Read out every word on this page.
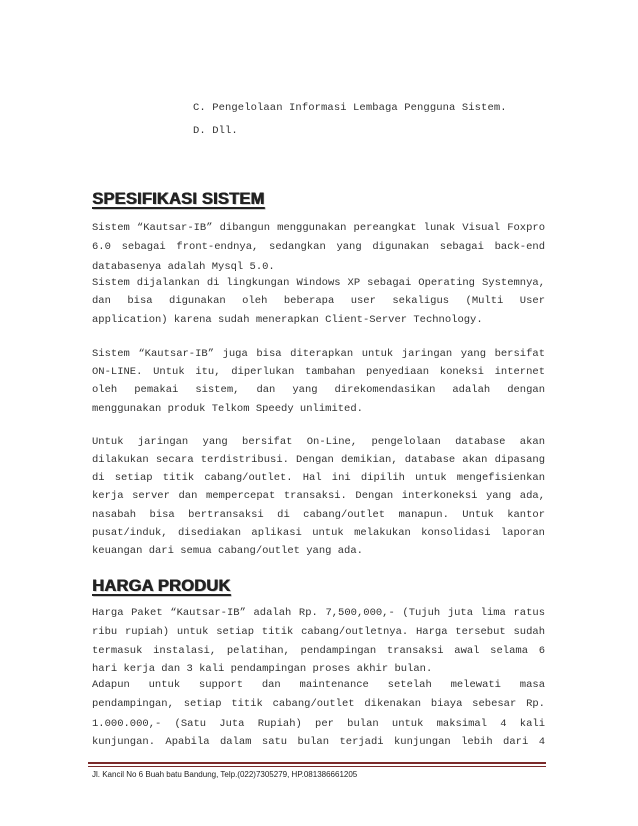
C. Pengelolaan Informasi Lembaga Pengguna Sistem.
D. Dll.
SPESIFIKASI SISTEM
Sistem “Kautsar-IB” dibangun menggunakan pereangkat lunak Visual Foxpro
6.0 sebagai front-endnya, sedangkan yang digunakan sebagai back-end
databasenya adalah Mysql 5.0.
Sistem dijalankan di lingkungan Windows XP sebagai Operating Systemnya,
dan bisa digunakan oleh beberapa user sekaligus (Multi User
application) karena sudah menerapkan Client-Server Technology.
Sistem “Kautsar-IB” juga bisa diterapkan untuk jaringan yang bersifat
ON-LINE. Untuk itu, diperlukan tambahan penyediaan koneksi internet
oleh pemakai sistem, dan yang direkomendasikan adalah dengan
menggunakan produk Telkom Speedy unlimited.
Untuk jaringan yang bersifat On-Line, pengelolaan database akan
dilakukan secara terdistribusi. Dengan demikian, database akan dipasang
di setiap titik cabang/outlet. Hal ini dipilih untuk mengefisienkan
kerja server dan mempercepat transaksi. Dengan interkoneksi yang ada,
nasabah bisa bertransaksi di cabang/outlet manapun. Untuk kantor
pusat/induk, disediakan aplikasi untuk melakukan konsolidasi laporan
keuangan dari semua cabang/outlet yang ada.
HARGA PRODUK
Harga Paket “Kautsar-IB” adalah Rp. 7,500,000,- (Tujuh juta lima ratus
ribu rupiah) untuk setiap titik cabang/outletnya. Harga tersebut sudah
termasuk instalasi, pelatihan, pendampingan transaksi awal selama 6
hari kerja dan 3 kali pendampingan proses akhir bulan.
Adapun untuk support dan maintenance setelah melewati masa
pendampingan, setiap titik cabang/outlet dikenakan biaya sebesar Rp.
1.000.000,- (Satu Juta Rupiah) per bulan untuk maksimal 4 kali
kunjungan. Apabila dalam satu bulan terjadi kunjungan lebih dari 4
Jl. Kancil No 6 Buah batu Bandung, Telp.(022)7305279, HP.081386661205
